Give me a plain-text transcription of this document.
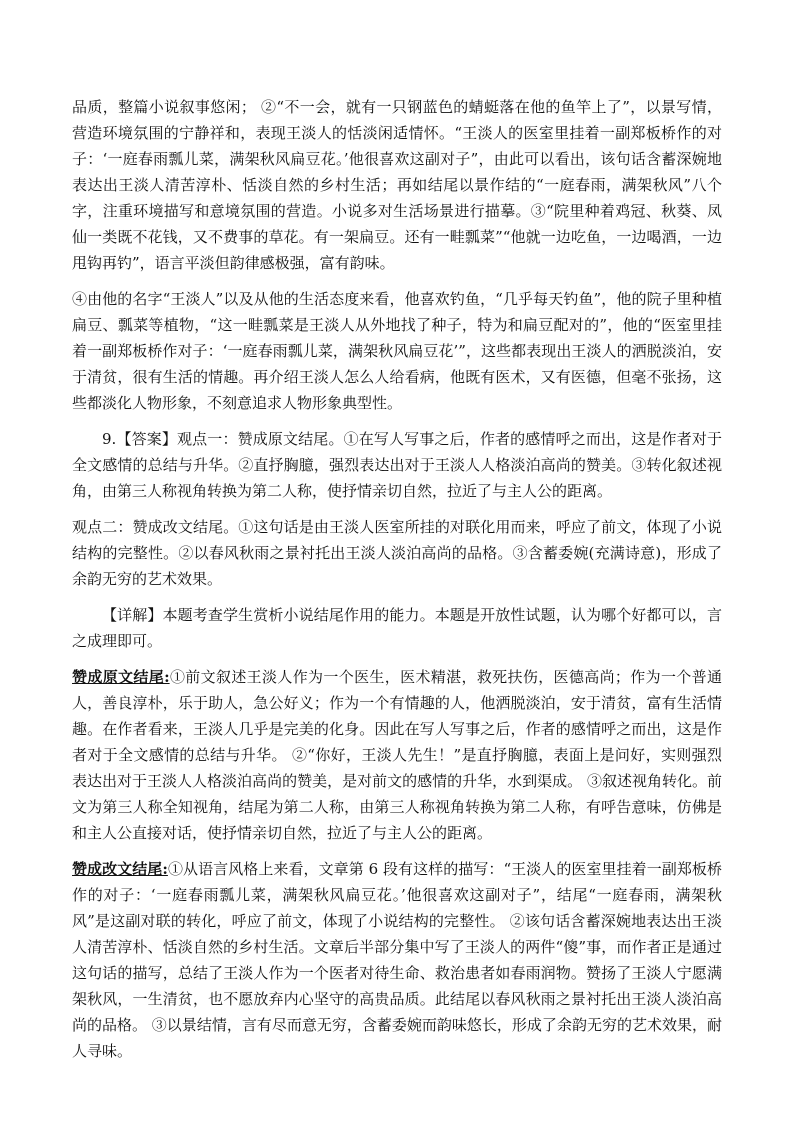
品质，整篇小说叙事悠闲； ②“不一会，就有一只钢蓝色的蜻蜓落在他的鱼竿上了”，以景写情，营造环境氛围的宁静祥和，表现王淡人的恬淡闲适情怀。“王淡人的医室里挂着一副郑板桥作的对子：‘一庭春雨瓢儿菜，满架秋风扁豆花。’他很喜欢这副对子”，由此可以看出，该句话含蓄深婉地表达出王淡人清苦淳朴、恬淡自然的乡村生活；再如结尾以景作结的“一庭春雨，满架秋风”八个字，注重环境描写和意境氛围的营造。小说多对生活场景进行描摹。③“院里种着鸡冠、秋葵、凤仙一类既不花钱，又不费事的草花。有一架扁豆。还有一畦瓢菜”“他就一边吃鱼，一边喝酒，一边甩钩再钓”，语言平淡但韵律感极强，富有韵味。

④由他的名字“王淡人”以及从他的生活态度来看，他喜欢钓鱼，“几乎每天钓鱼”，他的院子里种植扁豆、瓢菜等植物，“这一畦瓢菜是王淡人从外地找了种子，特为和扁豆配对的”，他的“医室里挂着一副郑板桥作对子：‘一庭春雨瓢儿菜，满架秋风扁豆花’”，这些都表现出王淡人的洒脱淡泊，安于清贫，很有生活的情趣。再介绍王淡人怎么人给看病，他既有医术，又有医德，但毫不张扬，这些都淡化人物形象，不刻意追求人物形象典型性。

9.【答案】观点一：赞成原文结尾。①在写人写事之后，作者的感情呼之而出，这是作者对于全文感情的总结与升华。②直抒胸臆，强烈表达出对于王淡人人格淡泊高尚的赞美。③转化叙述视角，由第三人称视角转换为第二人称，使抒情亲切自然，拉近了与主人公的距离。

观点二：赞成改文结尾。①这句话是由王淡人医室所挂的对联化用而来，呼应了前文，体现了小说结构的完整性。②以春风秋雨之景衬托出王淡人淡泊高尚的品格。③含蓄委婉(充满诗意)，形成了余韵无穷的艺术效果。

【详解】本题考查学生赏析小说结尾作用的能力。本题是开放性试题，认为哪个好都可以，言之成理即可。

赞成原文结尾:①前文叙述王淡人作为一个医生，医术精湛，救死扶伤，医德高尚；作为一个普通人，善良淳朴，乐于助人，急公好义；作为一个有情趣的人，他洒脱淡泊，安于清贫，富有生活情趣。在作者看来，王淡人几乎是完美的化身。因此在写人写事之后，作者的感情呼之而出，这是作者对于全文感情的总结与升华。 ②“你好，王淡人先生！”是直抒胸臆，表面上是问好，实则强烈表达出对于王淡人人格淡泊高尚的赞美，是对前文的感情的升华，水到渠成。 ③叙述视角转化。前文为第三人称全知视角，结尾为第二人称，由第三人称视角转换为第二人称，有呼告意味，仿佛是和主人公直接对话，使抒情亲切自然，拉近了与主人公的距离。

赞成改文结尾:①从语言风格上来看，文章第 6 段有这样的描写：“王淡人的医室里挂着一副郑板桥作的对子：‘一庭春雨瓢儿菜，满架秋风扁豆花。’他很喜欢这副对子”，结尾“一庭春雨，满架秋风”是这副对联的转化，呼应了前文，体现了小说结构的完整性。 ②该句话含蓄深婉地表达出王淡人清苦淳朴、恬淡自然的乡村生活。文章后半部分集中写了王淡人的两件“傻”事，而作者正是通过这句话的描写，总结了王淡人作为一个医者对待生命、救治患者如春雨润物。赞扬了王淡人宁愿满架秋风，一生清贫，也不愿放弃内心坚守的高贵品质。此结尾以春风秋雨之景衬托出王淡人淡泊高尚的品格。 ③以景结情，言有尽而意无穷，含蓄委婉而韵味悠长，形成了余韵无穷的艺术效果，耐人寻味。
